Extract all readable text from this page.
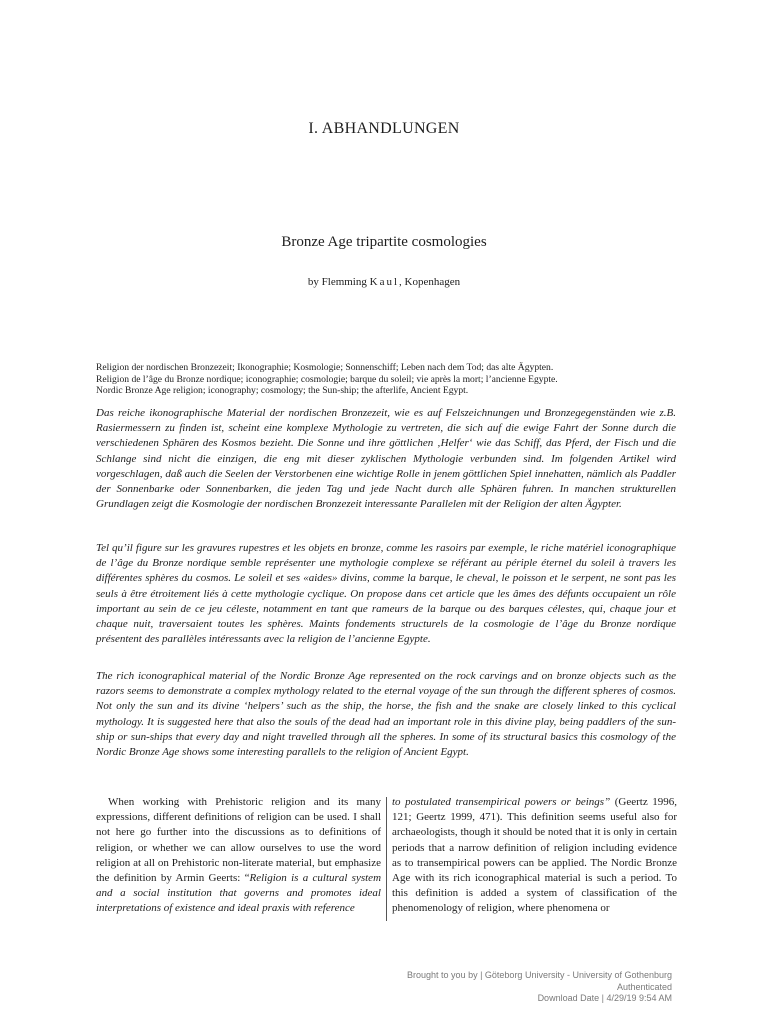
I. ABHANDLUNGEN
Bronze Age tripartite cosmologies
by Flemming Kaul, Kopenhagen
Religion der nordischen Bronzezeit; Ikonographie; Kosmologie; Sonnenschiff; Leben nach dem Tod; das alte Ägypten.
Religion de l’âge du Bronze nordique; iconographie; cosmologie; barque du soleil; vie après la mort; l’ancienne Egypte.
Nordic Bronze Age religion; iconography; cosmology; the Sun-ship; the afterlife, Ancient Egypt.

Das reiche ikonographische Material der nordischen Bronzezeit, wie es auf Felszeichnungen und Bronzegegenständen wie z.B. Rasiermessern zu finden ist, scheint eine komplexe Mythologie zu vertreten, die sich auf die ewige Fahrt der Sonne durch die verschiedenen Sphären des Kosmos bezieht. Die Sonne und ihre göttlichen ‚Helfer‘ wie das Schiff, das Pferd, der Fisch und die Schlange sind nicht die einzigen, die eng mit dieser zyklischen Mythologie verbunden sind. Im folgenden Artikel wird vorgeschlagen, daß auch die Seelen der Verstorbenen eine wichtige Rolle in jenem göttlichen Spiel innehatten, nämlich als Paddler der Sonnenbarke oder Sonnenbarken, die jeden Tag und jede Nacht durch alle Sphären fuhren. In manchen strukturellen Grundlagen zeigt die Kosmologie der nordischen Bronzezeit interessante Parallelen mit der Religion der alten Ägypter.

Tel qu’il figure sur les gravures rupestres et les objets en bronze, comme les rasoirs par exemple, le riche matériel iconographique de l’âge du Bronze nordique semble représenter une mythologie complexe se référant au périple éternel du soleil à travers les différentes sphères du cosmos. Le soleil et ses «aides» divins, comme la barque, le cheval, le poisson et le serpent, ne sont pas les seuls à être étroitement liés à cette mythologie cyclique. On propose dans cet article que les âmes des défunts occupaient un rôle important au sein de ce jeu céleste, notamment en tant que rameurs de la barque ou des barques célestes, qui, chaque jour et chaque nuit, traversaient toutes les sphères. Maints fondements structurels de la cosmologie de l’âge du Bronze nordique présentent des parallèles intéressants avec la religion de l’ancienne Egypte.

The rich iconographical material of the Nordic Bronze Age represented on the rock carvings and on bronze objects such as the razors seems to demonstrate a complex mythology related to the eternal voyage of the sun through the different spheres of cosmos. Not only the sun and its divine ‘helpers’ such as the ship, the horse, the fish and the snake are closely linked to this cyclical mythology. It is suggested here that also the souls of the dead had an important role in this divine play, being paddlers of the sun-ship or sun-ships that every day and night travelled through all the spheres. In some of its structural basics this cosmology of the Nordic Bronze Age shows some interesting parallels to the religion of Ancient Egypt.

When working with Prehistoric religion and its many expressions, different definitions of religion can be used. I shall not here go further into the discussions as to definitions of religion, or whether we can allow ourselves to use the word religion at all on Prehistoric non-literate material, but emphasize the definition by Armin Geerts: “Religion is a cultural system and a social institution that governs and promotes ideal interpretations of existence and ideal praxis with reference

to postulated transempirical powers or beings” (Geertz 1996, 121; Geertz 1999, 471). This definition seems useful also for archaeologists, though it should be noted that it is only in certain periods that a narrow definition of religion including evidence as to transempirical powers can be applied. The Nordic Bronze Age with its rich iconographical material is such a period. To this definition is added a system of classification of the phenomenology of religion, where phenomena or

Brought to you by | Göteborg University - University of Gothenburg
Authenticated
Download Date | 4/29/19 9:54 AM
